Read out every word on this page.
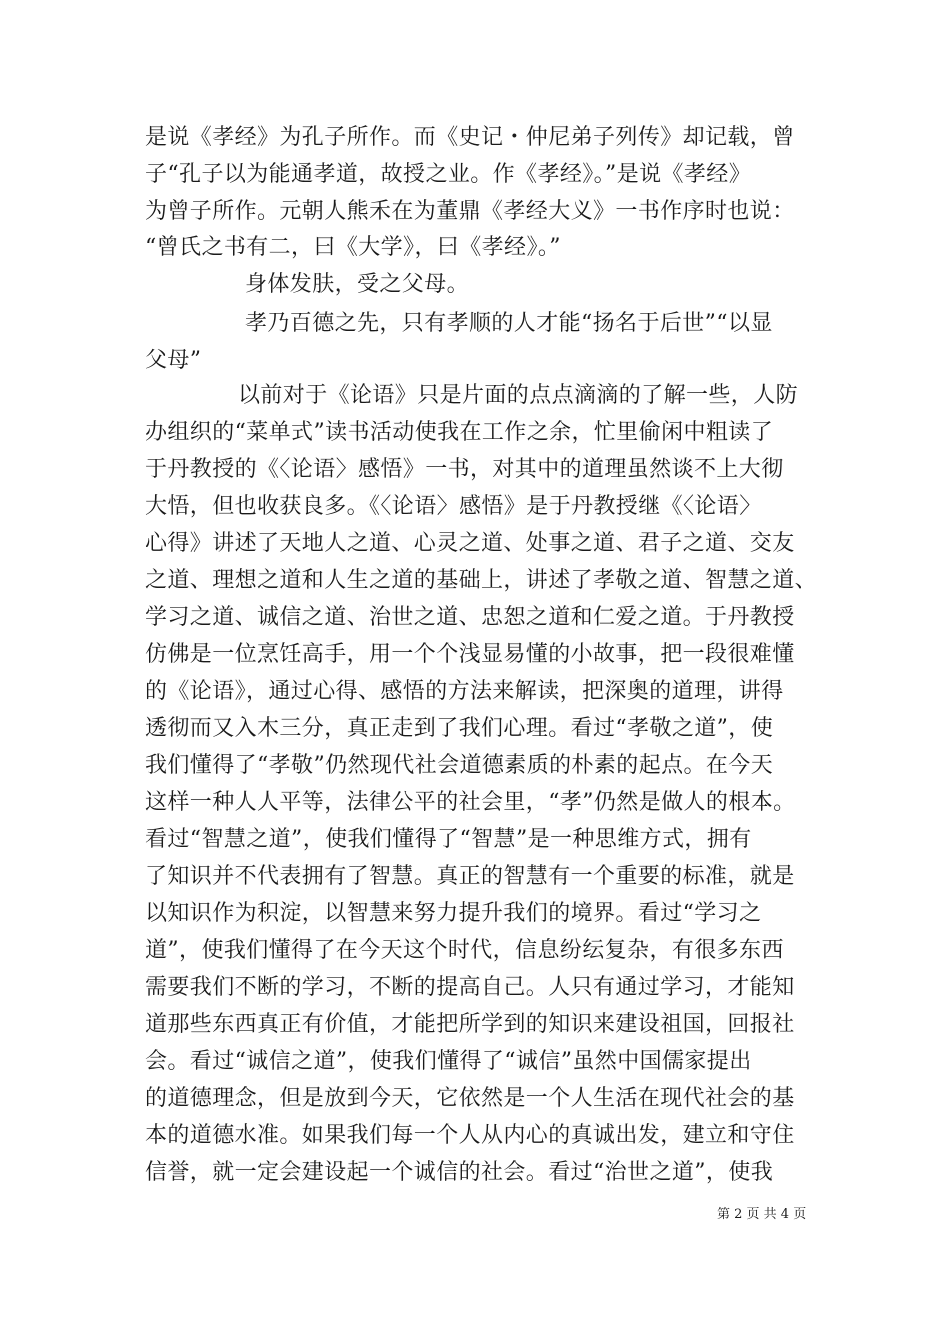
是说《孝经》为孔子所作。而《史记・仲尼弟子列传》却记载，曾
子“孔子以为能通孝道，故授之业。作《孝经》。”是说《孝经》
为曾子所作。元朝人熊禾在为董鼎《孝经大义》一书作序时也说：
“曾氏之书有二，曰《大学》，曰《孝经》。”
身体发肤，受之父母。
孝乃百德之先，只有孝顺的人才能“扬名于后世”“以显
父母”
以前对于《论语》只是片面的点点滴滴的了解一些，人防
办组织的“菜单式”读书活动使我在工作之余，忙里偷闲中粗读了
于丹教授的《〈论语〉感悟》一书，对其中的道理虽然谈不上大彻
大悟，但也收获良多。《〈论语〉感悟》是于丹教授继《〈论语〉
心得》讲述了天地人之道、心灵之道、处事之道、君子之道、交友
之道、理想之道和人生之道的基础上，讲述了孝敬之道、智慧之道、
学习之道、诚信之道、治世之道、忠恕之道和仁爱之道。于丹教授
仿佛是一位烹饪高手，用一个个浅显易懂的小故事，把一段很难懂
的《论语》，通过心得、感悟的方法来解读，把深奥的道理，讲得
透彻而又入木三分，真正走到了我们心理。看过“孝敬之道”，使
我们懂得了“孝敬”仍然现代社会道德素质的朴素的起点。在今天
这样一种人人平等，法律公平的社会里，“孝”仍然是做人的根本。
看过“智慧之道”，使我们懂得了“智慧”是一种思维方式，拥有
了知识并不代表拥有了智慧。真正的智慧有一个重要的标准，就是
以知识作为积淀，以智慧来努力提升我们的境界。看过“学习之
道”，使我们懂得了在今天这个时代，信息纷纭复杂，有很多东西
需要我们不断的学习，不断的提高自己。人只有通过学习，才能知
道那些东西真正有价值，才能把所学到的知识来建设祖国，回报社
会。看过“诚信之道”，使我们懂得了“诚信”虽然中国儒家提出
的道德理念，但是放到今天，它依然是一个人生活在现代社会的基
本的道德水准。如果我们每一个人从内心的真诚出发，建立和守住
信誉，就一定会建设起一个诚信的社会。看过“治世之道”，使我
第 2 页 共 4 页
